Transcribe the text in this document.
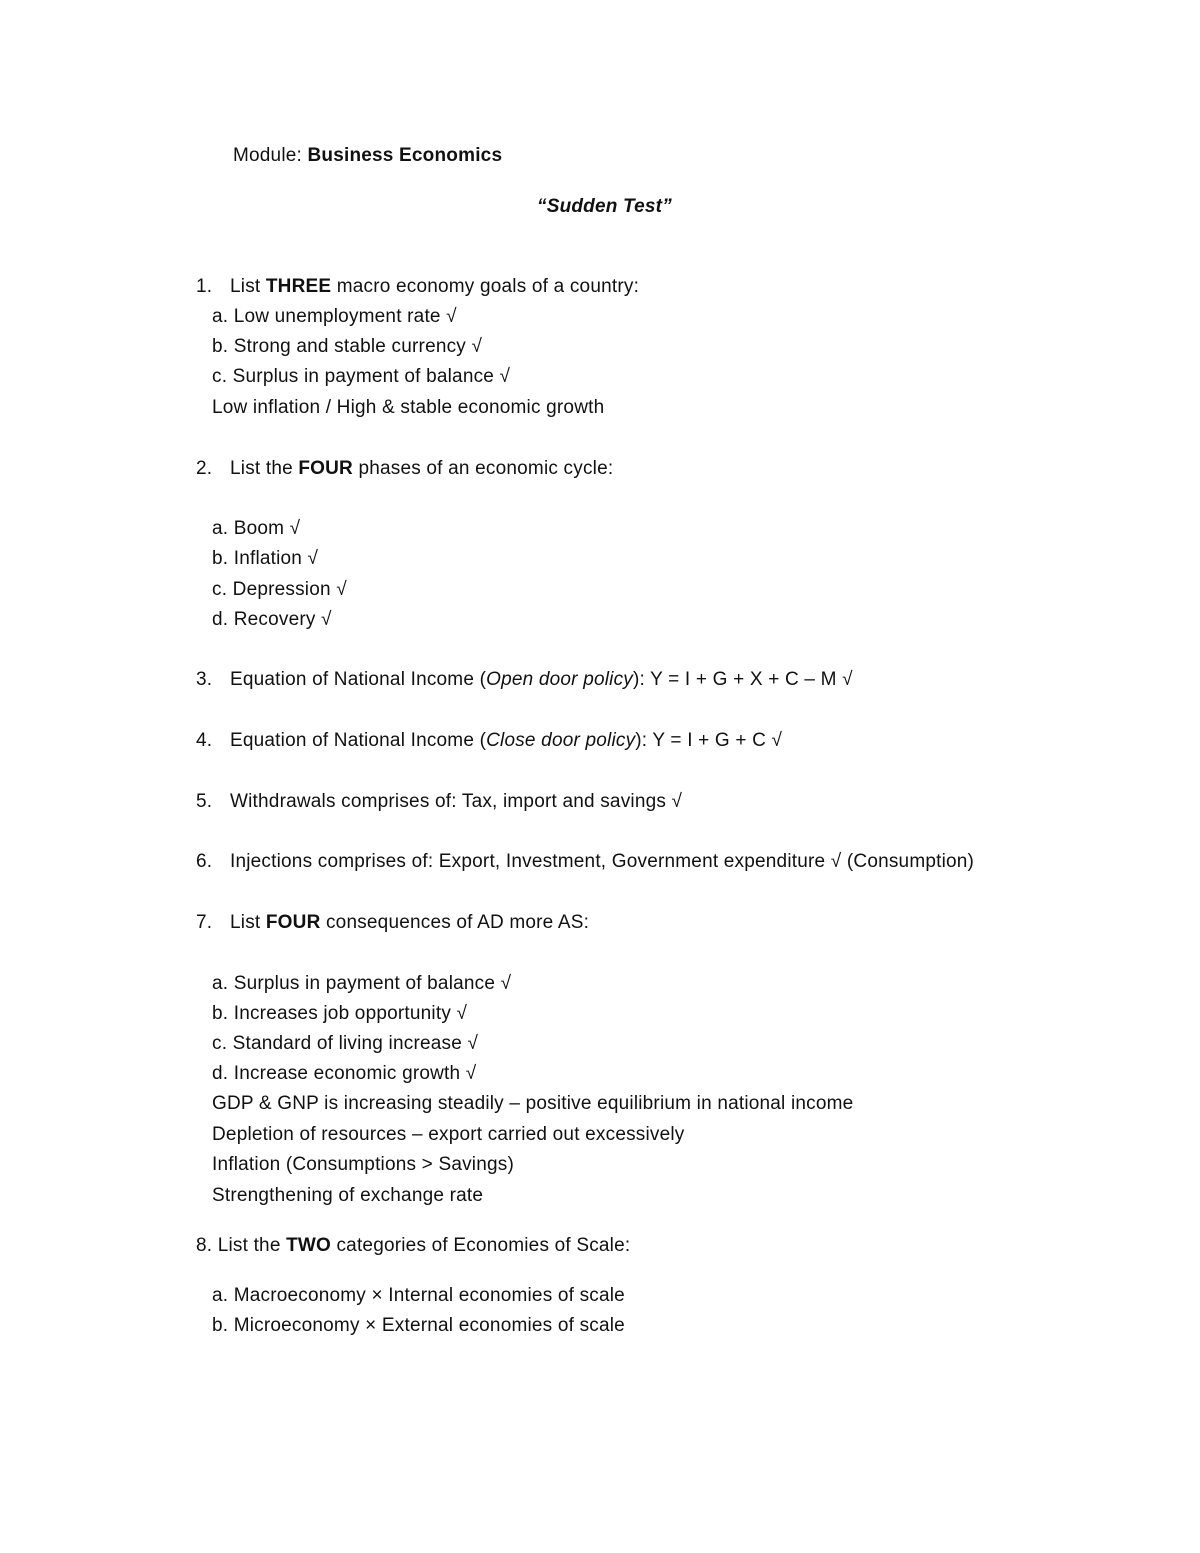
Module: Business Economics
“Sudden Test”
1. List THREE macro economy goals of a country:
a. Low unemployment rate √
b. Strong and stable currency √
c. Surplus in payment of balance √
Low inflation / High & stable economic growth
2. List the FOUR phases of an economic cycle:
a. Boom √
b. Inflation √
c. Depression √
d. Recovery √
3. Equation of National Income (Open door policy): Y = I + G + X + C – M √
4. Equation of National Income (Close door policy): Y = I + G + C √
5. Withdrawals comprises of: Tax, import and savings √
6. Injections comprises of: Export, Investment, Government expenditure √ (Consumption)
7. List FOUR consequences of AD more AS:
a. Surplus in payment of balance √
b. Increases job opportunity √
c. Standard of living increase √
d. Increase economic growth √
GDP & GNP is increasing steadily – positive equilibrium in national income
Depletion of resources – export carried out excessively
Inflation (Consumptions > Savings)
Strengthening of exchange rate
8. List the TWO categories of Economies of Scale:
a. Macroeconomy × Internal economies of scale
b. Microeconomy × External economies of scale
